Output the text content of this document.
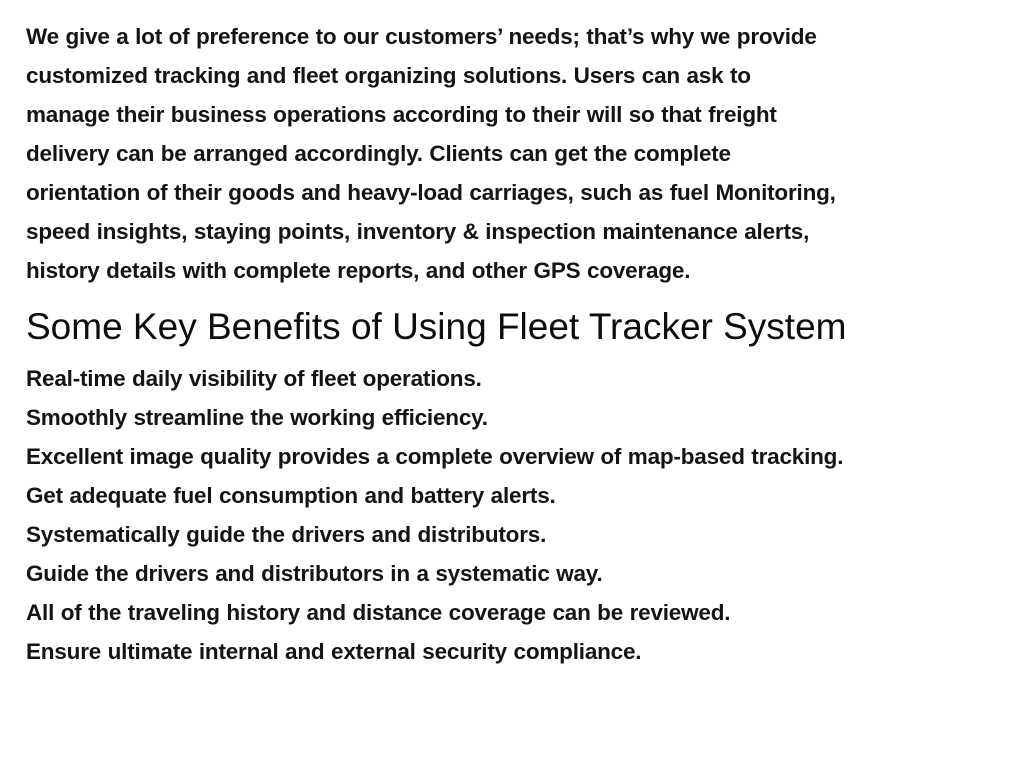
We give a lot of preference to our customers’ needs; that’s why we provide
customized tracking and fleet organizing solutions. Users can ask to
manage their business operations according to their will so that freight
delivery can be arranged accordingly. Clients can get the complete
orientation of their goods and heavy-load carriages, such as fuel Monitoring,
speed insights, staying points, inventory & inspection maintenance alerts,
history details with complete reports, and other GPS coverage.

Some Key Benefits of Using Fleet Tracker System
Real-time daily visibility of fleet operations.
Smoothly streamline the working efficiency.
Excellent image quality provides a complete overview of map-based tracking.
Get adequate fuel consumption and battery alerts.
Systematically guide the drivers and distributors.
Guide the drivers and distributors in a systematic way.
All of the traveling history and distance coverage can be reviewed.
Ensure ultimate internal and external security compliance.
